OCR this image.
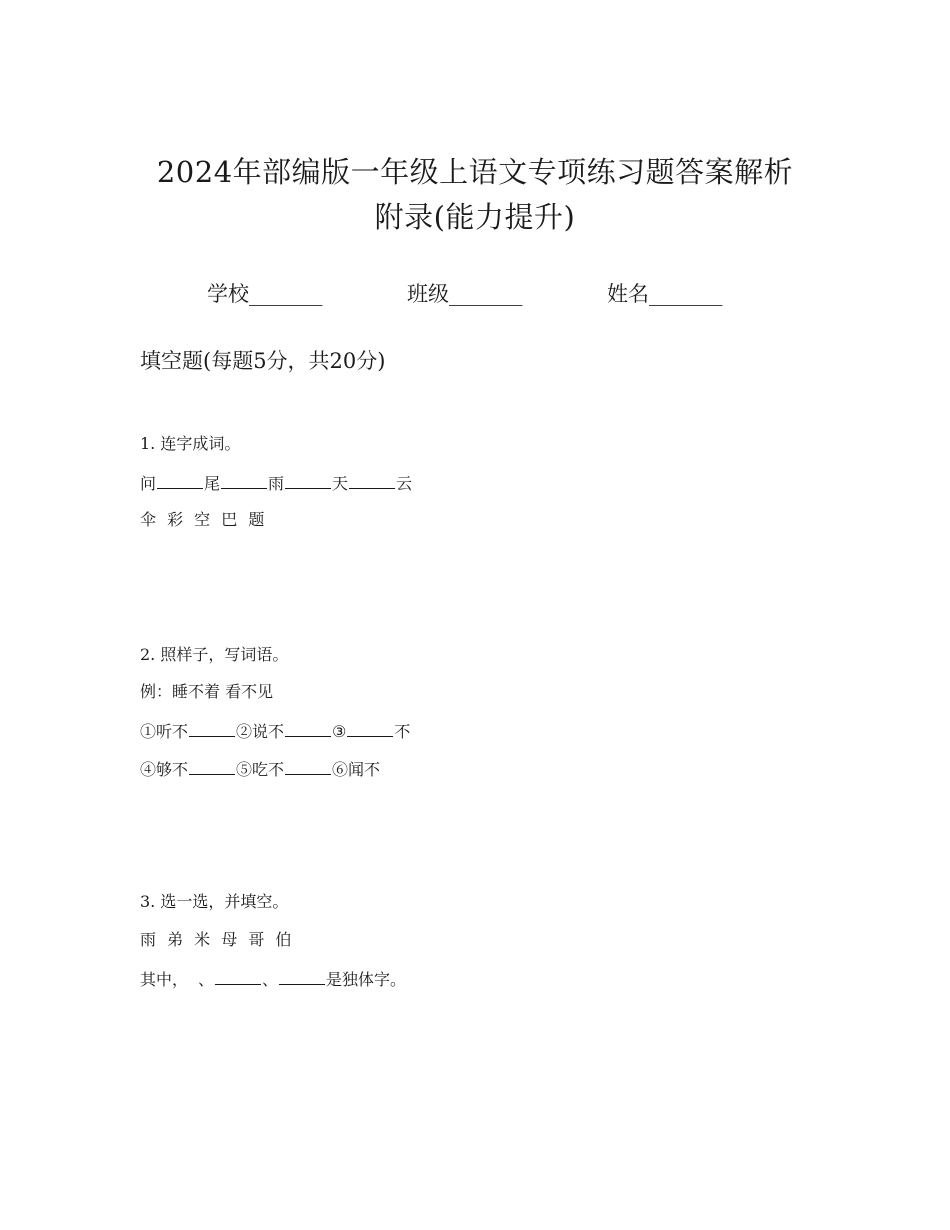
2024年部编版一年级上语文专项练习题答案解析
附录(能力提升)
学校_______	班级_______	姓名_______
填空题(每题5分，共20分)
1. 连字成词。
问	尾	雨	天	云
伞 彩 空 巴 题
2. 照样子，写词语。
例：睡不着 看不见
①听不	②说不	③	不
④够不	⑤吃不	⑥闻不
3. 选一选，并填空。
雨 弟 米 母 哥 伯
其中， 、	、	是独体字。
